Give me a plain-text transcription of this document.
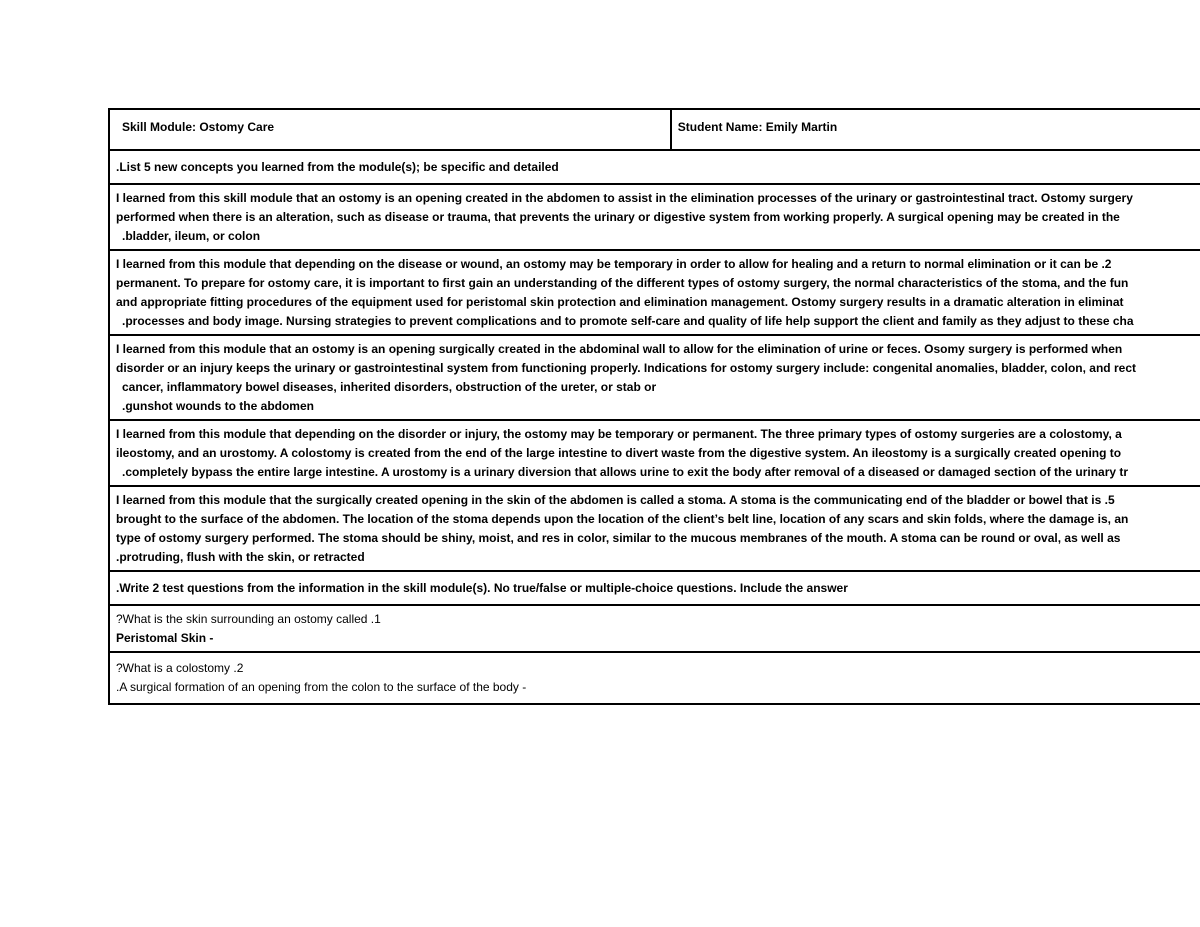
Skill Module: Ostomy Care	Student Name: Emily Martin
.List 5 new concepts you learned from the module(s); be specific and detailed

I learned from this skill module that an ostomy is an opening created in the abdomen to assist in the elimination processes of the urinary or gastrointestinal tract. Ostomy surgery
performed when there is an alteration, such as disease or trauma, that prevents the urinary or digestive system from working properly. A surgical opening may be created in the
.bladder, ileum, or colon

I learned from this module that depending on the disease or wound, an ostomy may be temporary in order to allow for healing and a return to normal elimination or it can be .2
permanent. To prepare for ostomy care, it is important to first gain an understanding of the different types of ostomy surgery, the normal characteristics of the stoma, and the fun
and appropriate fitting procedures of the equipment used for peristomal skin protection and elimination management. Ostomy surgery results in a dramatic alteration in eliminat
.processes and body image. Nursing strategies to prevent complications and to promote self-care and quality of life help support the client and family as they adjust to these cha

I learned from this module that an ostomy is an opening surgically created in the abdominal wall to allow for the elimination of urine or feces. Osomy surgery is performed when
disorder or an injury keeps the urinary or gastrointestinal system from functioning properly. Indications for ostomy surgery include: congenital anomalies, bladder, colon, and rect
cancer, inflammatory bowel diseases, inherited disorders, obstruction of the ureter, or stab or
.gunshot wounds to the abdomen

I learned from this module that depending on the disorder or injury, the ostomy may be temporary or permanent. The three primary types of ostomy surgeries are a colostomy, a
ileostomy, and an urostomy. A colostomy is created from the end of the large intestine to divert waste from the digestive system. An ileostomy is a surgically created opening to
.completely bypass the entire large intestine. A urostomy is a urinary diversion that allows urine to exit the body after removal of a diseased or damaged section of the urinary tr

I learned from this module that the surgically created opening in the skin of the abdomen is called a stoma. A stoma is the communicating end of the bladder or bowel that is .5
brought to the surface of the abdomen. The location of the stoma depends upon the location of the client’s belt line, location of any scars and skin folds, where the damage is, an
type of ostomy surgery performed. The stoma should be shiny, moist, and res in color, similar to the mucous membranes of the mouth. A stoma can be round or oval, as well as
.protruding, flush with the skin, or retracted

.Write 2 test questions from the information in the skill module(s). No true/false or multiple-choice questions. Include the answer

?What is the skin surrounding an ostomy called .1
Peristomal Skin -

?What is a colostomy .2
.A surgical formation of an opening from the colon to the surface of the body -
